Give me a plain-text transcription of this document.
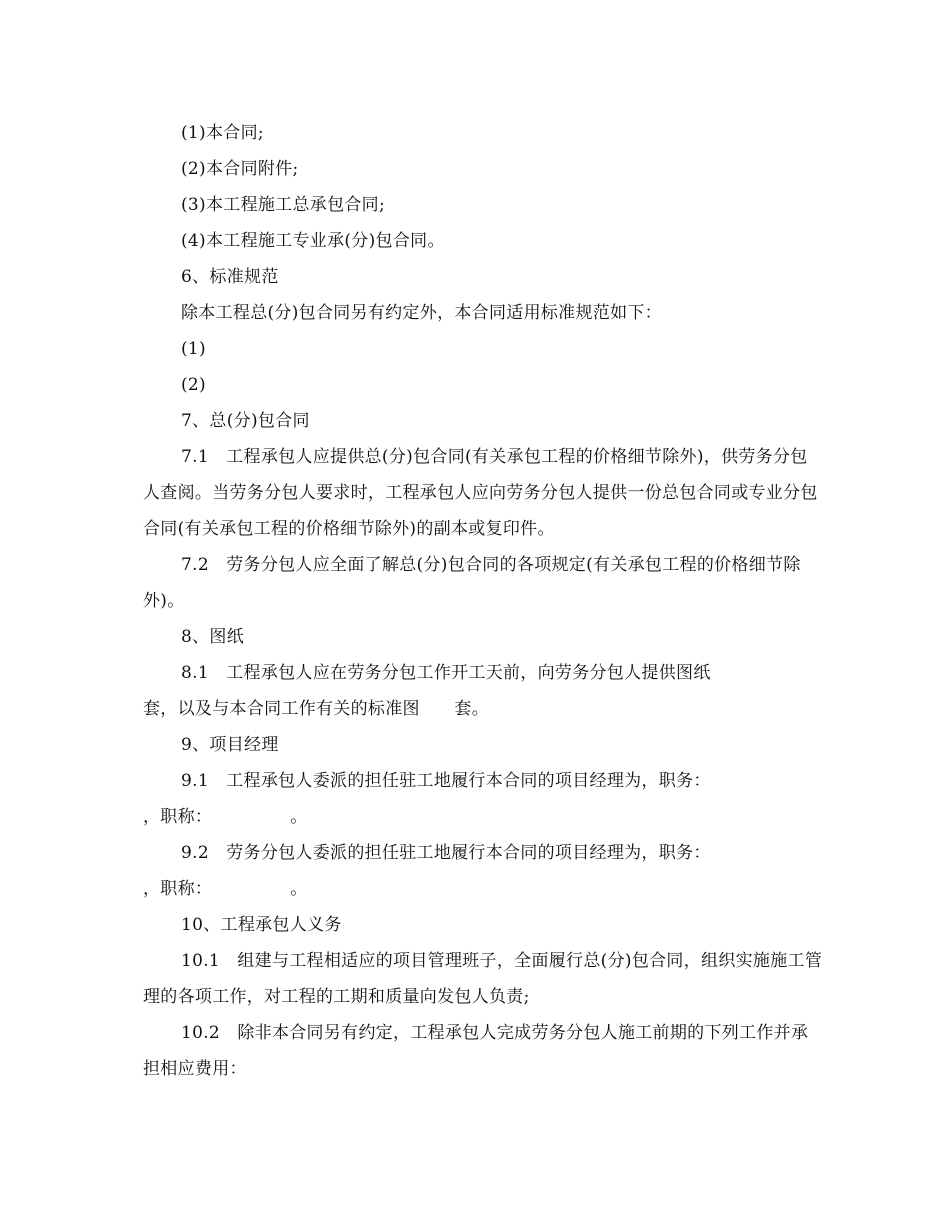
(1)本合同;

(2)本合同附件;

(3)本工程施工总承包合同;

(4)本工程施工专业承(分)包合同。

6、标准规范

除本工程总(分)包合同另有约定外，本合同适用标准规范如下：

(1)

(2)

7、总(分)包合同

7.1　工程承包人应提供总(分)包合同(有关承包工程的价格细节除外)，供劳务分包人查阅。当劳务分包人要求时，工程承包人应向劳务分包人提供一份总包合同或专业分包合同(有关承包工程的价格细节除外)的副本或复印件。

7.2　劳务分包人应全面了解总(分)包合同的各项规定(有关承包工程的价格细节除外)。

8、图纸

8.1　工程承包人应在劳务分包工作开工天前，向劳务分包人提供图纸

套，以及与本合同工作有关的标准图　　套。

9、项目经理

9.1　工程承包人委派的担任驻工地履行本合同的项目经理为，职务：

，职称：　　　　　。

9.2　劳务分包人委派的担任驻工地履行本合同的项目经理为，职务：

，职称：　　　　　。

10、工程承包人义务

10.1　组建与工程相适应的项目管理班子，全面履行总(分)包合同，组织实施施工管理的各项工作，对工程的工期和质量向发包人负责;

10.2　除非本合同另有约定，工程承包人完成劳务分包人施工前期的下列工作并承担相应费用：
